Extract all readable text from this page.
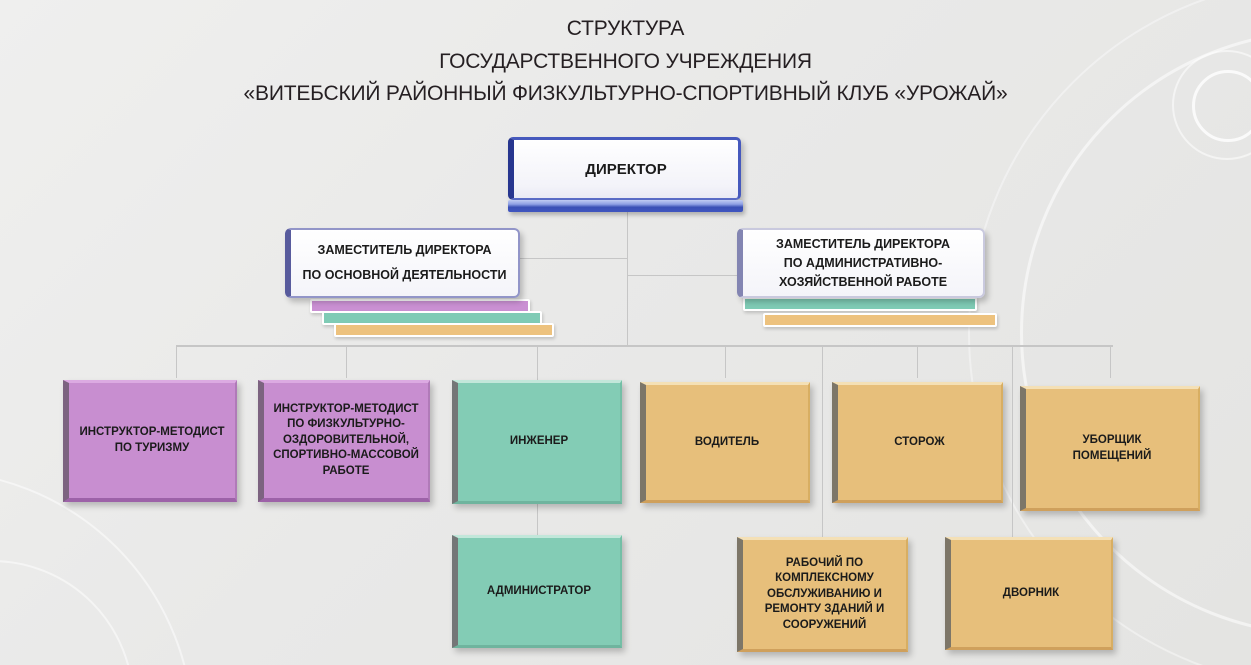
СТРУКТУРА
ГОСУДАРСТВЕННОГО УЧРЕЖДЕНИЯ
«ВИТЕБСКИЙ РАЙОННЫЙ ФИЗКУЛЬТУРНО-СПОРТИВНЫЙ КЛУБ «УРОЖАЙ»
ДИРЕКТОР
ЗАМЕСТИТЕЛЬ ДИРЕКТОРА
ПО ОСНОВНОЙ ДЕЯТЕЛЬНОСТИ
ЗАМЕСТИТЕЛЬ ДИРЕКТОРА
ПО АДМИНИСТРАТИВНО-
ХОЗЯЙСТВЕННОЙ РАБОТЕ
ИНСТРУКТОР-МЕТОДИСТ
ПО ТУРИЗМУ
ИНСТРУКТОР-МЕТОДИСТ
ПО ФИЗКУЛЬТУРНО-
ОЗДОРОВИТЕЛЬНОЙ,
СПОРТИВНО-МАССОВОЙ
РАБОТЕ
ИНЖЕНЕР	ВОДИТЕЛЬ	СТОРОЖ	УБОРЩИК
ПОМЕЩЕНИЙ
АДМИНИСТРАТОР
РАБОЧИЙ ПО
КОМПЛЕКСНОМУ
ОБСЛУЖИВАНИЮ И
РЕМОНТУ ЗДАНИЙ И
СООРУЖЕНИЙ
ДВОРНИК
